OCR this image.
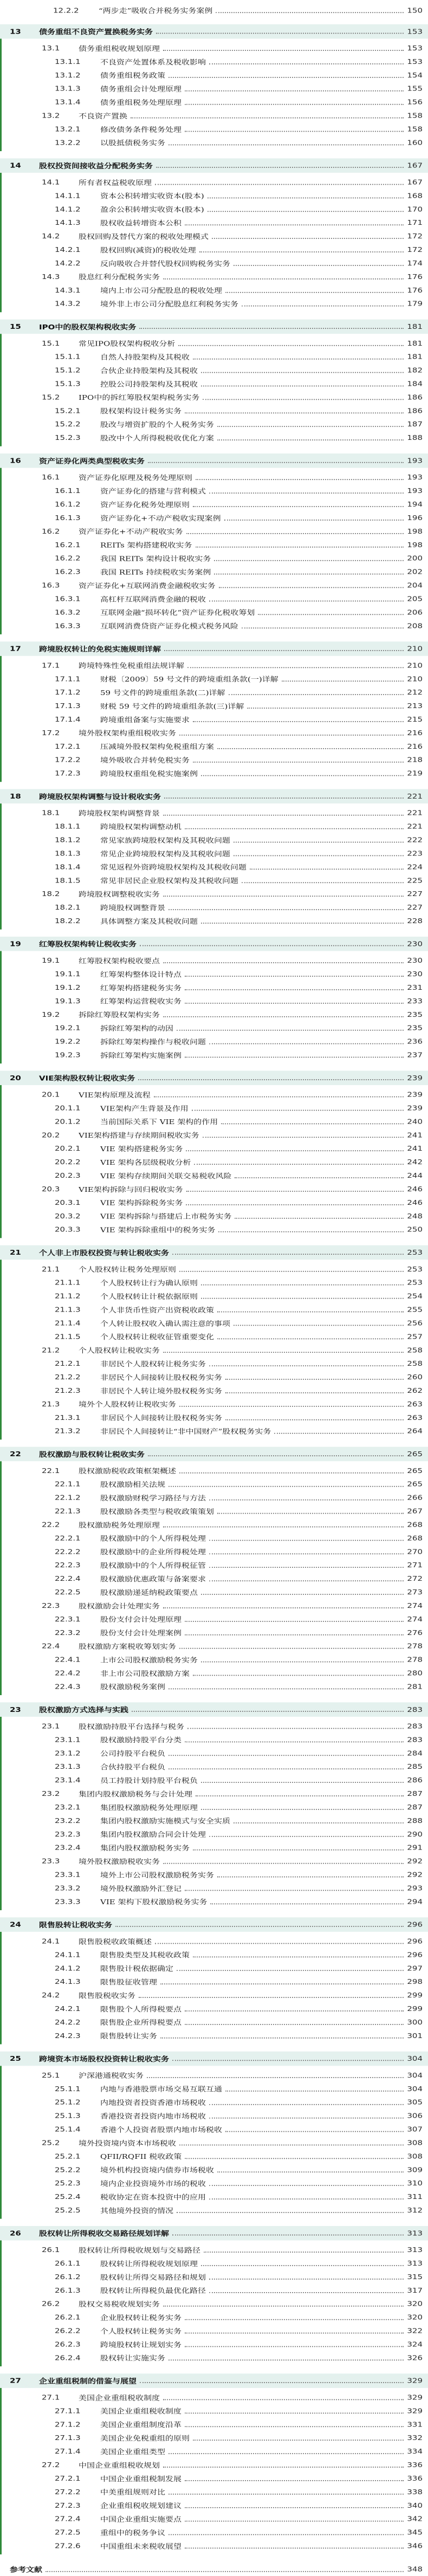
12.2.2 “两步走”吸收合并税务实务案例	150
13 债务重组不良资产置换税务实务	153
13.1 债务重组税收规划原理	153
13.1.1 不良资产处置体系及税收影响	153
13.1.2 债务重组税务政策	154
13.1.3 债务重组会计处理原理	155
13.1.4 债务重组税务处理原理	156
13.2 不良资产置换	158
13.2.1 修改债务条件税务处理	158
13.2.2 以股抵债税务实务	160
14 股权投资间接收益分配税务实务	167
14.1 所有者权益税收原理	167
14.1.1 资本公积转增实收资本(股本)	168
14.1.2 盈余公积转增实收资本(股本)	170
14.1.3 股权收益转增资本公积	171
14.2 股权回购及替代方案的税收处理模式	172
14.2.1 股权回购(减资)的税收处理	172
14.2.2 反向吸收合并替代股权回购税务实务	174
14.3 股息红利分配税务实务	176
14.3.1 境内上市公司分配股息的税收处理	176
14.3.2 境外非上市公司分配股息红利税务实务	179
15 IPO中的股权架构税收实务	181
15.1 常见IPO股权架构税收分析	181
15.1.1 自然人持股架构及其税收	181
15.1.2 合伙企业持股架构及其税收	182
15.1.3 控股公司持股架构及其税收	184
15.2 IPO中的拆红筹股权架构税务实务	186
15.2.1 股权架构设计税务实务	186
15.2.2 股改与增资扩股的个人税务实务	187
15.2.3 股改中个人所得税税收优化方案	188
16 资产证券化两类典型税收实务	193
16.1 资产证券化原理及税务处理原则	193
16.1.1 资产证券化的搭建与营利模式	193
16.1.2 资产证券化税务处理原则	194
16.1.3 资产证券化+不动产税收实现案例	196
16.2 资产证券化+不动产税收实务	198
16.2.1 REITs 架构搭建税收实务	198
16.2.2 我国 REITs 架构设计税收实务	200
16.2.3 我国 REITs 持续税收实务案例	202
16.3 资产证券化+互联网消费金融税收实务	204
16.3.1 高杠杆互联网消费金融的税收	205
16.3.2 互联网金融“损坏转化”资产证券化税收筹划	206
16.3.3 互联网消费贷资产证券化模式税务风险	208
17 跨境股权转让的免税实施规则详解	210
17.1 跨境特殊性免税重组法规详解	210
17.1.1 财税〔2009〕59 号文件的跨境重组条款(一)详解	210
17.1.2 59 号文件的跨境重组条款(二)详解	212
17.1.3 财税 59 号文件的跨境重组条款(三)详解	213
17.1.4 跨境重组备案与实施要求	215
17.2 境外股权架构重组税收实务	216
17.2.1 压减境外股权架构免税重组方案	216
17.2.2 境外吸收合并转免税实务	218
17.2.3 跨境股权重组免税实施案例	219
18 跨境股权架构调整与设计税收实务	221
18.1 跨境股权架构调整背景	221
18.1.1 跨境股权架构调整动机	221
18.1.2 常见家族跨境股权架构及其税收问题	222
18.1.3 常见企业跨境股权架构及其税收问题	223
18.1.4 常见返程外资跨境股权架构及其税收问题	224
18.1.5 常见非居民企业股权架构及其税收问题	225
18.2 跨境股权调整税收实务	227
18.2.1 跨境股权调整背景	227
18.2.2 具体调整方案及其税收问题	228
19 红筹股权架构转让税收实务	230
19.1 红筹股权架构税收要点	230
19.1.1 红筹架构整体设计特点	230
19.1.2 红筹架构搭建税务实务	231
19.1.3 红筹架构运营税收实务	233
19.2 拆除红筹股权架构实务	235
19.2.1 拆除红筹架构的动因	235
19.2.2 拆除红筹架构操作与税收问题	236
19.2.3 拆除红筹架构实施案例	237
20 VIE架构股权转让税收实务	239
20.1 VIE架构原理及流程	239
20.1.1 VIE架构产生背景及作用	239
20.1.2 当前国际关系下 VIE 架构的作用	240
20.2 VIE架构搭建与存续期间税收实务	241
20.2.1 VIE 架构搭建税务实务	241
20.2.2 VIE 架构各层级税收分析	242
20.2.3 VIE 架构存续期间关联交易税收风险	244
20.3 VIE架构拆除与回归税收实务	246
20.3.1 VIE 架构拆除税务实务	246
20.3.2 VIE 架构拆除与搭建后上市税务实务	248
20.3.3 VIE 架构拆除重组中的税务实务	250
21 个人非上市股权投资与转让税收实务	253
21.1 个人股权转让税务处理原则	253
21.1.1 个人股权转让行为确认原则	253
21.1.2 个人股权转让计税依据原则	254
21.1.3 个人非货币性资产出资税收政策	255
21.1.4 个人转让股权收入确认需注意的事项	256
21.1.5 个人股权转让税收征管重要变化	257
21.2 个人股权转让税收实务	258
21.2.1 非居民个人股权转让税务实务	258
21.2.2 非居民个人间接转让股权税务实务	260
21.2.3 非居民个人转让境外股权税务实务	262
21.3 境外个人股权转让税收实务	263
21.3.1 非居民个人间接转让股权税务实务	263
21.3.2 非居民个人间接转让“非中国财产”股权税务实务	264
22 股权激励与股权转让税收实务	265
22.1 股权激励税收政策框架概述	265
22.1.1 股权激励相关法规	265
22.1.2 股权激励财税学习路径与方法	266
22.1.3 股权激励各类型与税收政策策划	267
22.2 股权激励税务处理原理	268
22.2.1 股权激励中的个人所得税处理	268
22.2.2 股权激励中的企业所得税处理	270
22.2.3 股权激励中的个人所得税征管	271
22.2.4 股权激励优惠政策与备案要求	272
22.2.5 股权激励递延纳税政策要点	273
22.3 股权激励会计处理实务	274
22.3.1 股份支付会计处理原理	274
22.3.2 股份支付会计处理案例	276
22.4 股权激励方案税收筹划实务	278
22.4.1 上市公司股权激励税务实务	278
22.4.2 非上市公司股权激励方案	280
22.4.3 股权激励税务案例	281
23 股权激励方式选择与实践	283
23.1 股权激励持股平台选择与税务	283
23.1.1 股权激励持股平台分类	283
23.1.2 公司持股平台税负	284
23.1.3 合伙持股平台税负	285
23.1.4 员工持股计划持股平台税负	286
23.2 集团内股权激励税务与会计处理	287
23.2.1 集团股权激励税务处理原理	287
23.2.2 集团内股权激励实施模式与安全实质	288
23.2.3 集团内股权激励合同会计处理	290
23.2.4 集团内股权激励税务实务	291
23.3 境外股权激励税收实务	292
23.3.1 境外上市公司股权激励税务实务	292
23.3.2 境外股权激励外汇登记	293
23.3.3 VIE 架构下股权激励税务实务	294
24 限售股转让税收实务	296
24.1 限售股税收政策概述	296
24.1.1 限售股类型及其税收政策	296
24.1.2 限售股计税依据确定	297
24.1.3 限售股征收管理	298
24.2 限售股税收实务	299
24.2.1 限售股个人所得税要点	299
24.2.2 限售股企业所得税要点	300
24.2.3 限售股转让实务	301
25 跨境资本市场股权投资转让税收实务	304
25.1 沪深港通税收实务	304
25.1.1 内地与香港股票市场交易互联互通	304
25.1.2 内地投资者投资香港市场税收	305
25.1.3 香港投资者投资内地市场税收	306
25.1.4 香港个人投资者股票内地市场税收	307
25.2 境外投资境内资本市场税收	308
25.2.1 QFII/RQFII 税收政策	308
25.2.2 境外机构投资境内债券市场税收	309
25.2.3 境内企业投资境外市场的税收	310
25.2.4 税收协定在资本投资中的应用	311
25.2.5 其他境外投资的情况	312
26 股权转让所得税收交易路径规划详解	313
26.1 股权转让所得税收规划与交易路径	313
26.1.1 股权转让所得税收规划原理	313
26.1.2 股权转让所得交易路径和规划	315
26.1.3 股权转让所得税负最优化路径	317
26.2 股权交易税收规划实务	320
26.2.1 企业股权转让税务实务	320
26.2.2 个人股权转让税务实务	322
26.2.3 跨境股权转让规划实务	324
26.2.4 股权转让实施实务	326
27 企业重组税制的借鉴与展望	329
27.1 美国企业重组税收制度	329
27.1.1 美国企业重组税收制度	329
27.1.2 美国企业重组制度沿革	331
27.1.3 美国企业免税重组的原则	332
27.1.4 美国企业重组类型	334
27.2 中国企业重组税收规划	336
27.2.1 中国企业重组税制发展	336
27.2.2 中美重组规则对比	338
27.2.3 企业重组税收规划建议	340
27.2.4 中国企业重组实施要点	342
27.2.5 重组中的税务争议	345
27.2.6 中国重组未来税收展望	346
参考文献	348
